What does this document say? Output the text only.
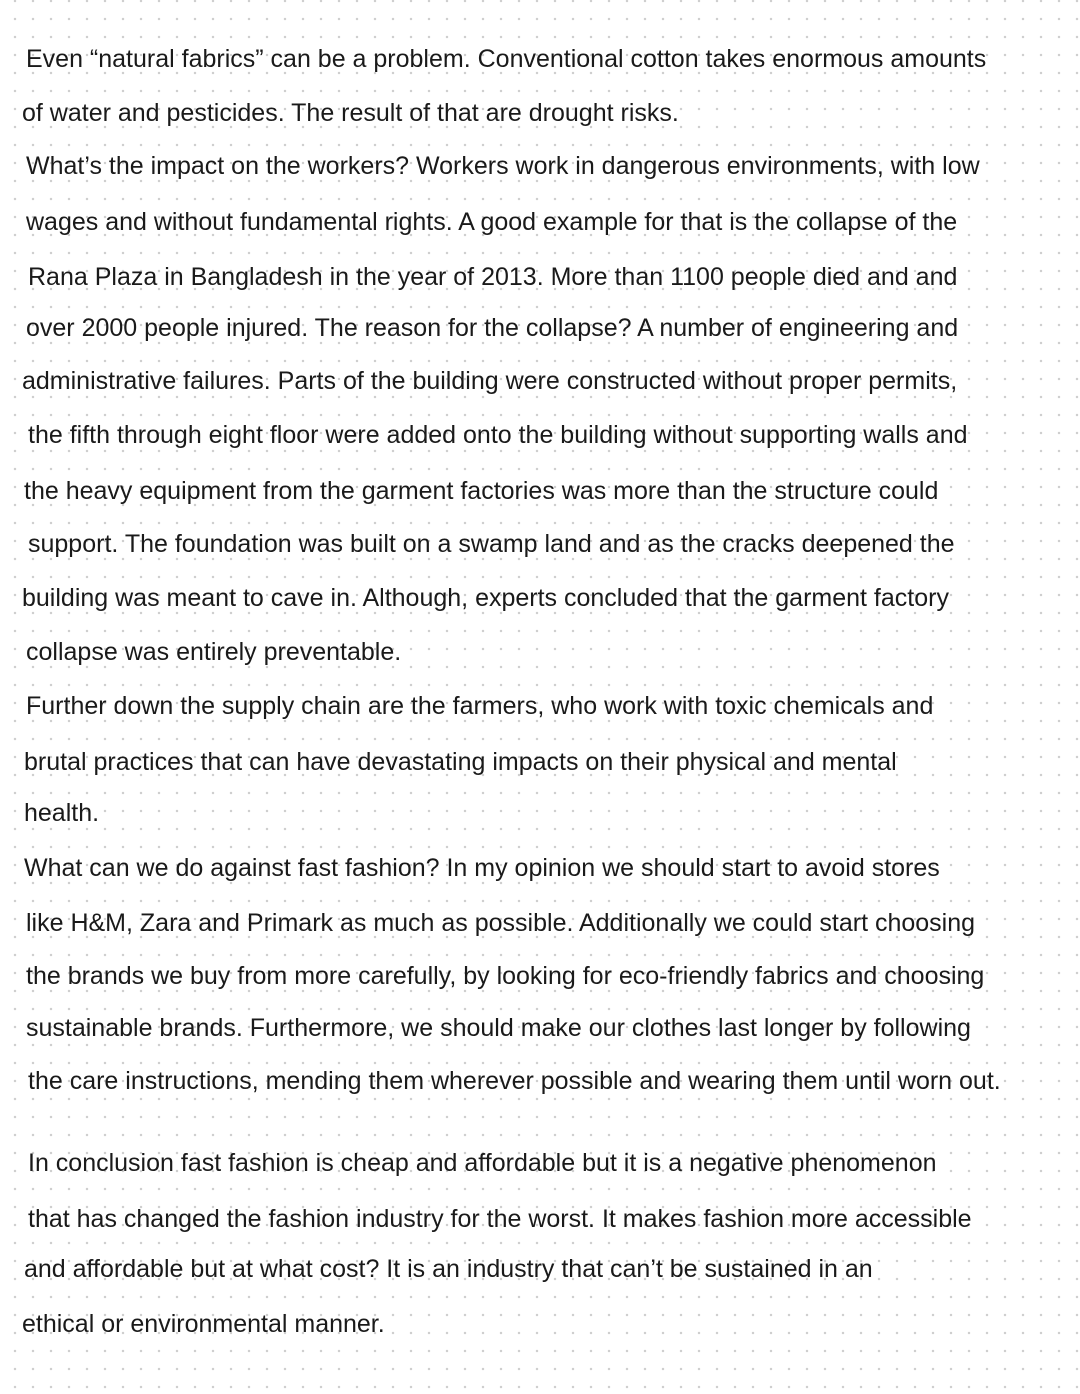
Even “natural fabrics” can be a problem. Conventional cotton takes enormous amounts
of water and pesticides. The result of that are drought risks.
What’s the impact on the workers? Workers work in dangerous environments, with low
wages and without fundamental rights. A good example for that is the collapse of the
Rana Plaza in Bangladesh in the year of 2013. More than 1100 people died and and
over 2000 people injured. The reason for the collapse? A number of engineering and
administrative failures. Parts of the building were constructed without proper permits,
the fifth through eight floor were added onto the building without supporting walls and
the heavy equipment from the garment factories was more than the structure could
support. The foundation was built on a swamp land and as the cracks deepened the
building was meant to cave in. Although, experts concluded that the garment factory
collapse was entirely preventable.
Further down the supply chain are the farmers, who work with toxic chemicals and
brutal practices that can have devastating impacts on their physical and mental
health.
What can we do against fast fashion? In my opinion we should start to avoid stores
like H&M, Zara and Primark as much as possible. Additionally we could start choosing
the brands we buy from more carefully, by looking for eco-friendly fabrics and choosing
sustainable brands. Furthermore, we should make our clothes last longer by following
the care instructions, mending them wherever possible and wearing them until worn out.
In conclusion fast fashion is cheap and affordable but it is a negative phenomenon
that has changed the fashion industry for the worst. It makes fashion more accessible
and affordable but at what cost? It is an industry that can’t be sustained in an
ethical or environmental manner.
